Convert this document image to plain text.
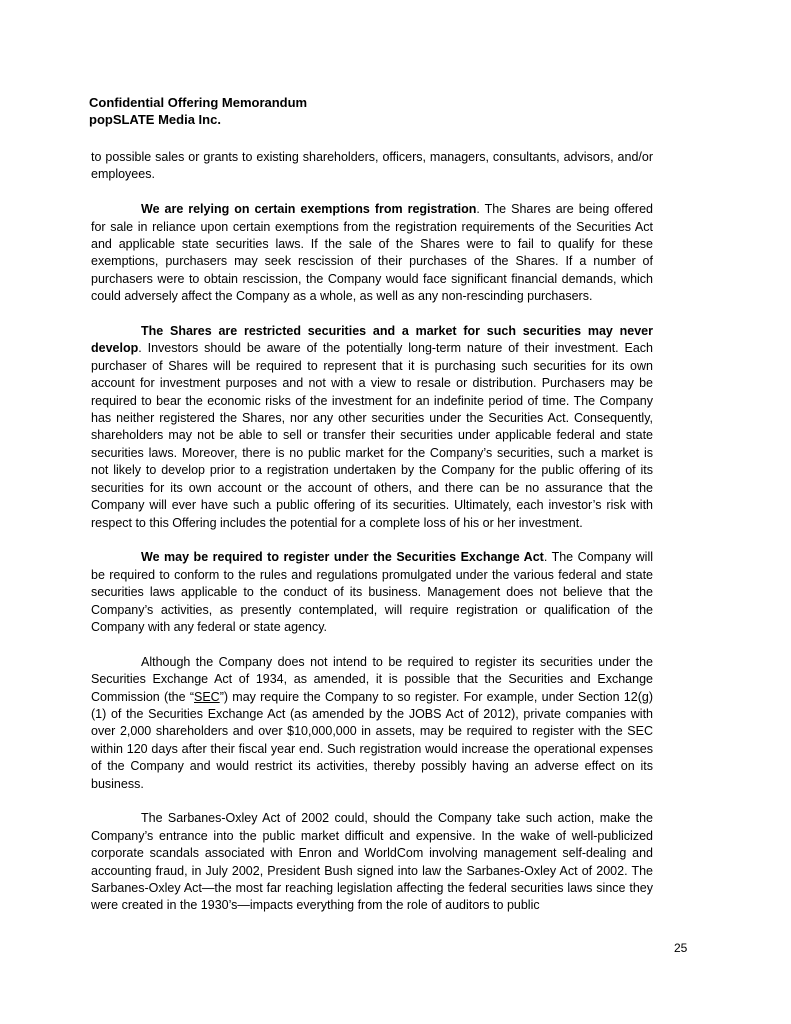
Confidential Offering Memorandum
popSLATE Media Inc.

to possible sales or grants to existing shareholders, officers, managers, consultants, advisors, and/or employees.

We are relying on certain exemptions from registration. The Shares are being offered for sale in reliance upon certain exemptions from the registration requirements of the Securities Act and applicable state securities laws. If the sale of the Shares were to fail to qualify for these exemptions, purchasers may seek rescission of their purchases of the Shares. If a number of purchasers were to obtain rescission, the Company would face significant financial demands, which could adversely affect the Company as a whole, as well as any non-rescinding purchasers.

The Shares are restricted securities and a market for such securities may never develop. Investors should be aware of the potentially long-term nature of their investment. Each purchaser of Shares will be required to represent that it is purchasing such securities for its own account for investment purposes and not with a view to resale or distribution. Purchasers may be required to bear the economic risks of the investment for an indefinite period of time. The Company has neither registered the Shares, nor any other securities under the Securities Act. Consequently, shareholders may not be able to sell or transfer their securities under applicable federal and state securities laws. Moreover, there is no public market for the Company’s securities, such a market is not likely to develop prior to a registration undertaken by the Company for the public offering of its securities for its own account or the account of others, and there can be no assurance that the Company will ever have such a public offering of its securities. Ultimately, each investor’s risk with respect to this Offering includes the potential for a complete loss of his or her investment.

We may be required to register under the Securities Exchange Act. The Company will be required to conform to the rules and regulations promulgated under the various federal and state securities laws applicable to the conduct of its business. Management does not believe that the Company’s activities, as presently contemplated, will require registration or qualification of the Company with any federal or state agency.

Although the Company does not intend to be required to register its securities under the Securities Exchange Act of 1934, as amended, it is possible that the Securities and Exchange Commission (the “SEC”) may require the Company to so register. For example, under Section 12(g)(1) of the Securities Exchange Act (as amended by the JOBS Act of 2012), private companies with over 2,000 shareholders and over $10,000,000 in assets, may be required to register with the SEC within 120 days after their fiscal year end. Such registration would increase the operational expenses of the Company and would restrict its activities, thereby possibly having an adverse effect on its business.

The Sarbanes-Oxley Act of 2002 could, should the Company take such action, make the Company’s entrance into the public market difficult and expensive. In the wake of well-publicized corporate scandals associated with Enron and WorldCom involving management self-dealing and accounting fraud, in July 2002, President Bush signed into law the Sarbanes-Oxley Act of 2002. The Sarbanes-Oxley Act—the most far reaching legislation affecting the federal securities laws since they were created in the 1930’s—impacts everything from the role of auditors to public

25
